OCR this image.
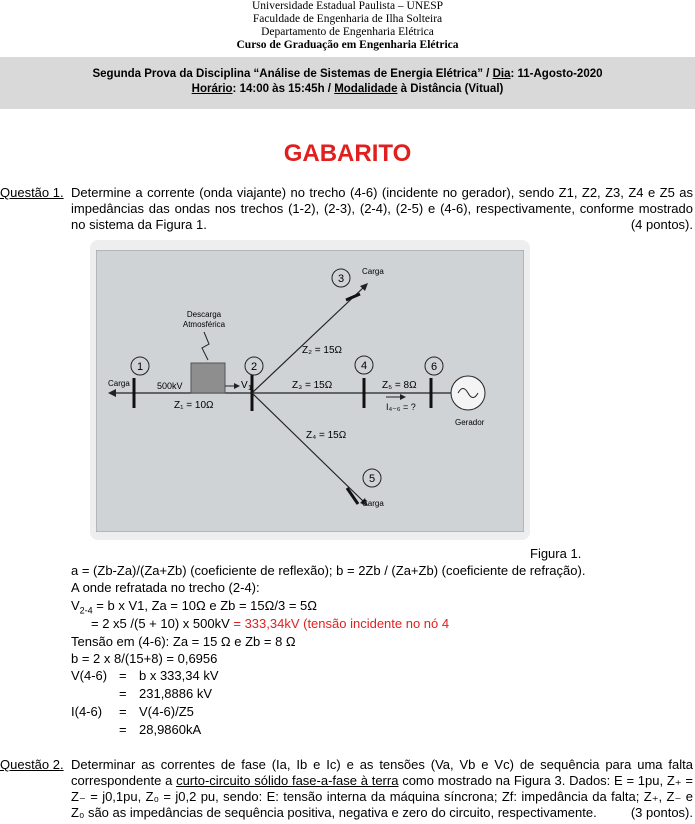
Universidade Estadual Paulista – UNESP
Faculdade de Engenharia de Ilha Solteira
Departamento de Engenharia Elétrica
Curso de Graduação em Engenharia Elétrica
Segunda Prova da Disciplina “Análise de Sistemas de Energia Elétrica” / Dia: 11-Agosto-2020
Horário: 14:00 às 15:45h / Modalidade à Distância (Vitual)
GABARITO
Questão 1. Determine a corrente (onda viajante) no trecho (4-6) (incidente no gerador), sendo Z1, Z2, Z3, Z4 e Z5 as impedâncias das ondas nos trechos (1-2), (2-3), (2-4), (2-5) e (4-6), respectivamente, conforme mostrado no sistema da Figura 1.	(4 pontos).
1	2
3
4
5
6
Carga
Carga
Carga
Descarga
Atmosférica
500kV	V 1
Z₁ = 10Ω
Z₂ = 15Ω
Z₃ = 15Ω
Z₄ = 15Ω
Z₅ = 8Ω
I₄₋₆ = ?
Gerador
Figura 1.
a = (Zb-Za)/(Za+Zb) (coeficiente de reflexão); b = 2Zb / (Za+Zb) (coeficiente de refração).
A onde refratada no trecho (2-4):
$V_{2-4} = b$ x V1, Za = 10Ω e Zb = 15Ω/3 = 5Ω
= 2 x5 /(5 + 10) x 500kV = 333,34kV (tensão incidente no nó 4
Tensão em (4-6): Za = 15 Ω e Zb = 8 Ω
b = 2 x 8/(15+8) = 0,6956
V(4-6) = b x 333,34 kV
= 231,8886 kV
I(4-6) = V(4-6)/Z5
= 28,9860kA
Questão 2. Determinar as correntes de fase (Ia, Ib e Ic) e as tensões (Va, Vb e Vc) de sequência para uma falta correspondente a curto-circuito sólido fase-a-fase à terra como mostrado na Figura 3. Dados: E = 1pu, Z₊ = Z₋ = j0,1pu, Z₀ = j0,2 pu, sendo: E: tensão interna da máquina síncrona; Zf: impedância da falta; Z₊, Z₋ e Z₀ são as impedâncias de sequência positiva, negativa e zero do circuito, respectivamente.	(3 pontos).
